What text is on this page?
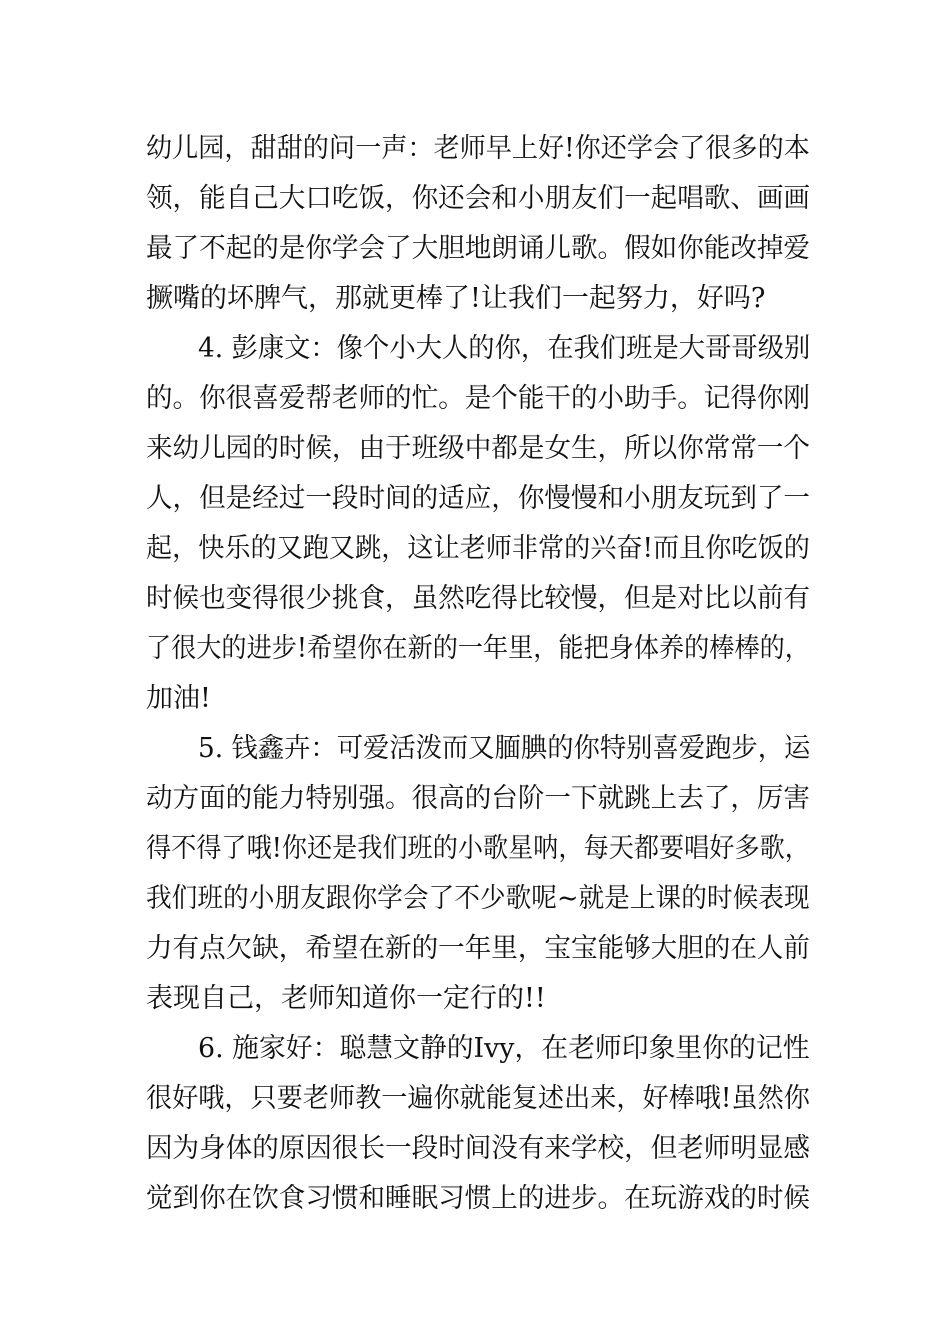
幼儿园，甜甜的问一声：老师早上好!你还学会了很多的本
领，能自己大口吃饭，你还会和小朋友们一起唱歌、画画
最了不起的是你学会了大胆地朗诵儿歌。假如你能改掉爱
撅嘴的坏脾气，那就更棒了!让我们一起努力，好吗?
4. 彭康文：像个小大人的你，在我们班是大哥哥级别
的。你很喜爱帮老师的忙。是个能干的小助手。记得你刚
来幼儿园的时候，由于班级中都是女生，所以你常常一个
人，但是经过一段时间的适应，你慢慢和小朋友玩到了一
起，快乐的又跑又跳，这让老师非常的兴奋!而且你吃饭的
时候也变得很少挑食，虽然吃得比较慢，但是对比以前有
了很大的进步!希望你在新的一年里，能把身体养的棒棒的，
加油!
5. 钱鑫卉：可爱活泼而又腼腆的你特别喜爱跑步，运
动方面的能力特别强。很高的台阶一下就跳上去了，厉害
得不得了哦!你还是我们班的小歌星呐，每天都要唱好多歌，
我们班的小朋友跟你学会了不少歌呢~就是上课的时候表现
力有点欠缺，希望在新的一年里，宝宝能够大胆的在人前
表现自己，老师知道你一定行的!!
6. 施家好：聪慧文静的Ivy，在老师印象里你的记性
很好哦，只要老师教一遍你就能复述出来，好棒哦!虽然你
因为身体的原因很长一段时间没有来学校，但老师明显感
觉到你在饮食习惯和睡眠习惯上的进步。在玩游戏的时候
